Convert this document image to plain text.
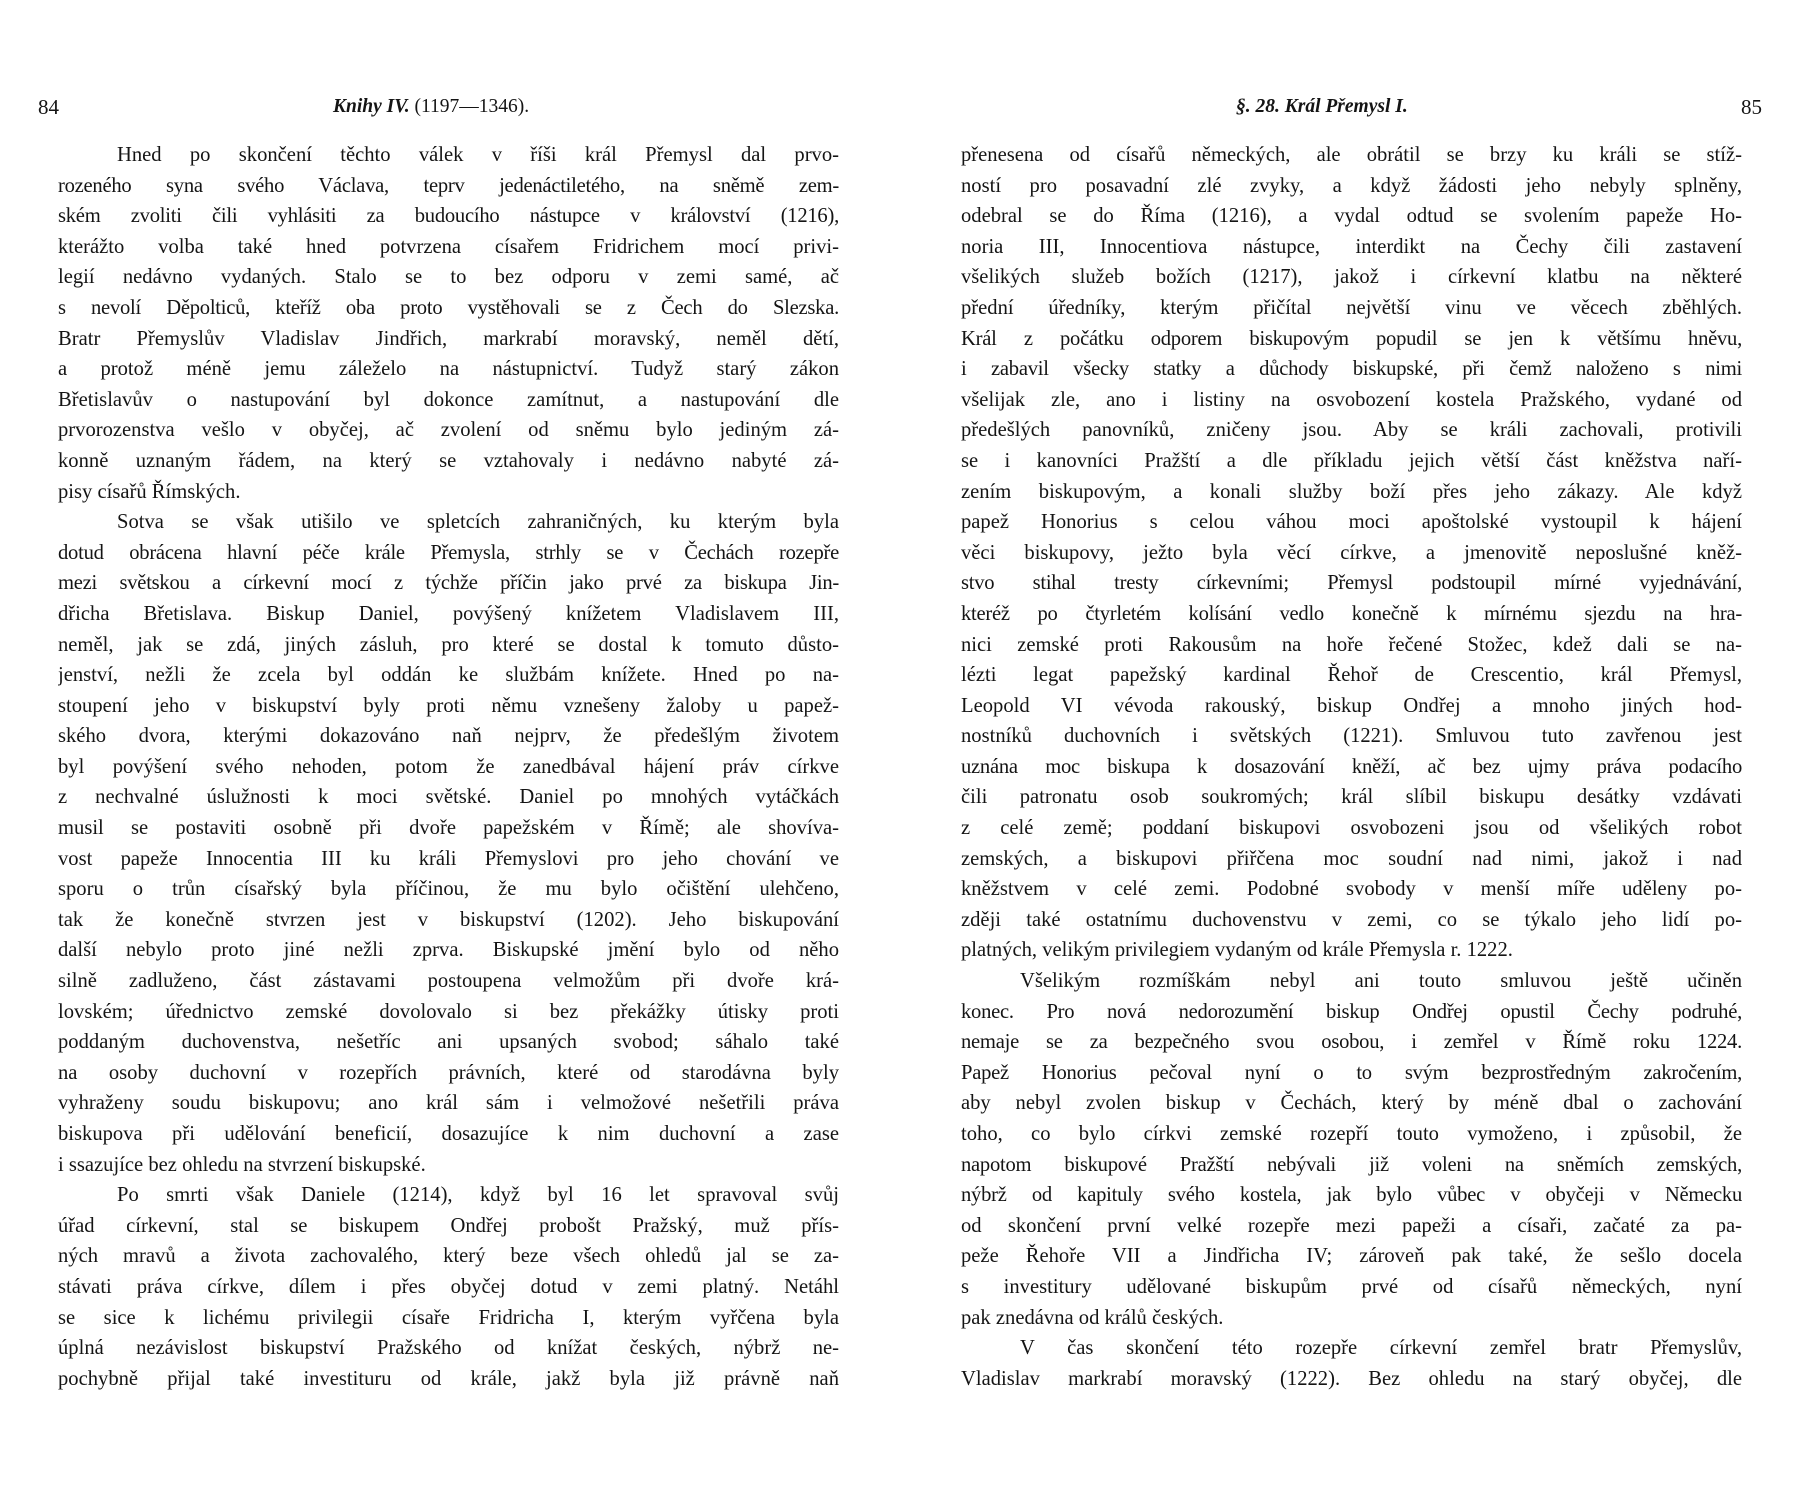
84	Knihy IV. (1197—1346).
Hned po skončení těchto válek v říši král Přemysl dal prvo-
rozeného syna svého Václava, teprv jedenáctiletého, na sněmě zem-
ském zvoliti čili vyhlásiti za budoucího nástupce v království (1216),
kterážto volba také hned potvrzena císařem Fridrichem mocí privi-
legií nedávno vydaných. Stalo se to bez odporu v zemi samé, ač
s nevolí Děpolticů, kteříž oba proto vystěhovali se z Čech do Slezska.
Bratr Přemyslův Vladislav Jindřich, markrabí moravský, neměl dětí,
a protož méně jemu záleželo na nástupnictví. Tudyž starý zákon
Břetislavův o nastupování byl dokonce zamítnut, a nastupování dle
prvorozenstva vešlo v obyčej, ač zvolení od sněmu bylo jediným zá-
konně uznaným řádem, na který se vztahovaly i nedávno nabyté zá-
pisy císařů Římských.
Sotva se však utišilo ve spletcích zahraničných, ku kterým byla
dotud obrácena hlavní péče krále Přemysla, strhly se v Čechách rozepře
mezi světskou a církevní mocí z týchže příčin jako prvé za biskupa Jin-
dřicha Břetislava. Biskup Daniel, povýšený knížetem Vladislavem III,
neměl, jak se zdá, jiných zásluh, pro které se dostal k tomuto důsto-
jenství, nežli že zcela byl oddán ke službám knížete. Hned po na-
stoupení jeho v biskupství byly proti němu vznešeny žaloby u papež-
ského dvora, kterými dokazováno naň nejprv, že předešlým životem
byl povýšení svého nehoden, potom že zanedbával hájení práv církve
z nechvalné úslužnosti k moci světské. Daniel po mnohých vytáčkách
musil se postaviti osobně při dvoře papežském v Římě; ale shovíva-
vost papeže Innocentia III ku králi Přemyslovi pro jeho chování ve
sporu o trůn císařský byla příčinou, že mu bylo očištění ulehčeno,
tak že konečně stvrzen jest v biskupství (1202). Jeho biskupování
další nebylo proto jiné nežli zprva. Biskupské jmění bylo od něho
silně zadluženo, část zástavami postoupena velmožům při dvoře krá-
lovském; úřednictvo zemské dovolovalo si bez překážky útisky proti
poddaným duchovenstva, nešetříc ani upsaných svobod; sáhalo také
na osoby duchovní v rozepřích právních, které od starodávna byly
vyhraženy soudu biskupovu; ano král sám i velmožové nešetřili práva
biskupova při udělování beneficií, dosazujíce k nim duchovní a zase
i ssazujíce bez ohledu na stvrzení biskupské.
Po smrti však Daniele (1214), když byl 16 let spravoval svůj
úřad církevní, stal se biskupem Ondřej probošt Pražský, muž přís-
ných mravů a života zachovalého, který beze všech ohledů jal se za-
stávati práva církve, dílem i přes obyčej dotud v zemi platný. Netáhl
se sice k lichému privilegii císaře Fridricha I, kterým vyřčena byla
úplná nezávislost biskupství Pražského od knížat českých, nýbrž ne-
pochybně přijal také investituru od krále, jakž byla již právně naň
§. 28. Král Přemysl I.	85
přenesena od císařů německých, ale obrátil se brzy ku králi se stíž-
ností pro posavadní zlé zvyky, a když žádosti jeho nebyly splněny,
odebral se do Říma (1216), a vydal odtud se svolením papeže Ho-
noria III, Innocentiova nástupce, interdikt na Čechy čili zastavení
všelikých služeb božích (1217), jakož i církevní klatbu na některé
přední úředníky, kterým přičítal největší vinu ve věcech zběhlých.
Král z počátku odporem biskupovým popudil se jen k většímu hněvu,
i zabavil všecky statky a důchody biskupské, při čemž naloženo s nimi
všelijak zle, ano i listiny na osvobození kostela Pražského, vydané od
předešlých panovníků, zničeny jsou. Aby se králi zachovali, protivili
se i kanovníci Pražští a dle příkladu jejich větší část kněžstva naří-
zením biskupovým, a konali služby boží přes jeho zákazy. Ale když
papež Honorius s celou váhou moci apoštolské vystoupil k hájení
věci biskupovy, ježto byla věcí církve, a jmenovitě neposlušné kněž-
stvo stihal tresty církevními; Přemysl podstoupil mírné vyjednávání,
kteréž po čtyrletém kolísání vedlo konečně k mírnému sjezdu na hra-
nici zemské proti Rakousům na hoře řečené Stožec, kdež dali se na-
lézti legat papežský kardinal Řehoř de Crescentio, král Přemysl,
Leopold VI vévoda rakouský, biskup Ondřej a mnoho jiných hod-
nostníků duchovních i světských (1221). Smluvou tuto zavřenou jest
uznána moc biskupa k dosazování kněží, ač bez ujmy práva podacího
čili patronatu osob soukromých; král slíbil biskupu desátky vzdávati
z celé země; poddaní biskupovi osvobozeni jsou od všelikých robot
zemských, a biskupovi přiřčena moc soudní nad nimi, jakož i nad
kněžstvem v celé zemi. Podobné svobody v menší míře uděleny po-
zději také ostatnímu duchovenstvu v zemi, co se týkalo jeho lidí po-
platných, velikým privilegiem vydaným od krále Přemysla r. 1222.
Všelikým rozmíškám nebyl ani touto smluvou ještě učiněn
konec. Pro nová nedorozumění biskup Ondřej opustil Čechy podruhé,
nemaje se za bezpečného svou osobou, i zemřel v Římě roku 1224.
Papež Honorius pečoval nyní o to svým bezprostředným zakročením,
aby nebyl zvolen biskup v Čechách, který by méně dbal o zachování
toho, co bylo církvi zemské rozepří touto vymoženo, i způsobil, že
napotom biskupové Pražští nebývali již voleni na sněmích zemských,
nýbrž od kapituly svého kostela, jak bylo vůbec v obyčeji v Německu
od skončení první velké rozepře mezi papeži a císaři, začaté za pa-
peže Řehoře VII a Jindřicha IV; zároveň pak také, že sešlo docela
s investitury udělované biskupům prvé od císařů německých, nyní
pak znedávna od králů českých.
V čas skončení této rozepře církevní zemřel bratr Přemyslův,
Vladislav markrabí moravský (1222). Bez ohledu na starý obyčej, dle
